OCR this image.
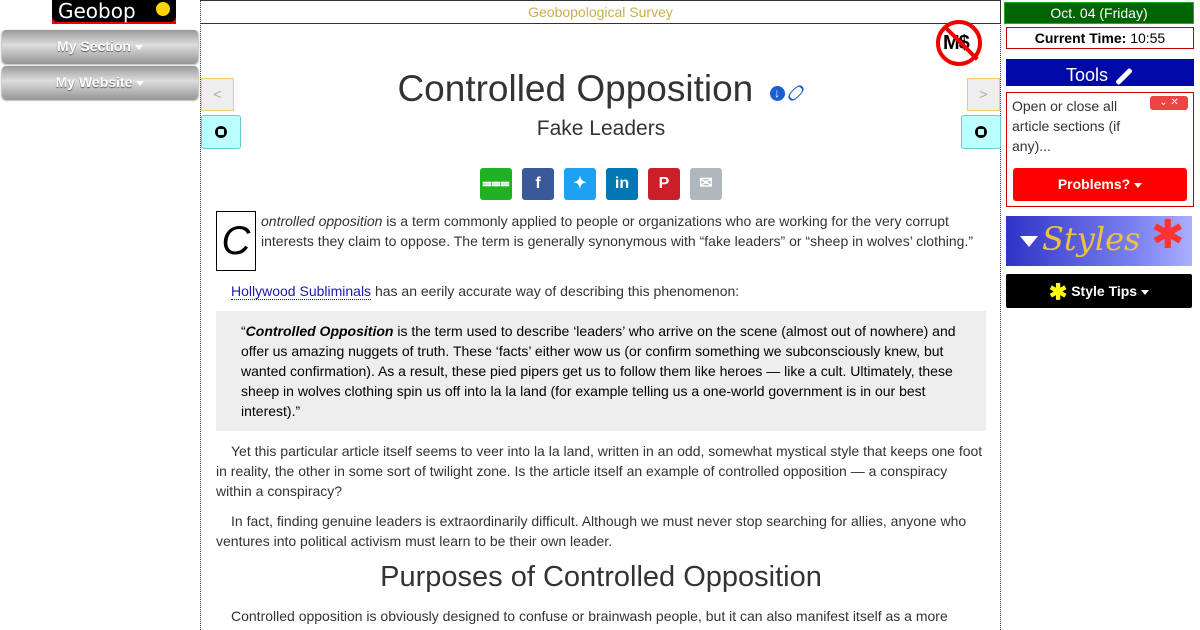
Geobop
My Section
My Website
Geobopological Survey
M$
<	>
Controlled Opposition ↓
Fake Leaders
⩶	f	✦	in	P	✉
C ontrolled opposition is a term commonly applied to people or organizations who are working for the very corrupt interests they claim to oppose. The term is generally synonymous with “fake leaders” or “sheep in wolves’ clothing.”
Hollywood Subliminals has an eerily accurate way of describing this phenomenon:
“Controlled Opposition is the term used to describe ‘leaders’ who arrive on the scene (almost out of nowhere) and offer us amazing nuggets of truth. These ‘facts’ either wow us (or confirm something we subconsciously knew, but wanted confirmation). As a result, these pied pipers get us to follow them like heroes — like a cult. Ultimately, these sheep in wolves clothing spin us off into la la land (for example telling us a one-world government is in our best interest).”
Yet this particular article itself seems to veer into la la land, written in an odd, somewhat mystical style that keeps one foot in reality, the other in some sort of twilight zone. Is the article itself an example of controlled opposition — a conspiracy within a conspiracy?
In fact, finding genuine leaders is extraordinarily difficult. Although we must never stop searching for allies, anyone who ventures into political activism must learn to be their own leader.
Purposes of Controlled Opposition
Controlled opposition is obviously designed to confuse or brainwash people, but it can also manifest itself as a more
Oct. 04 (Friday)
Current Time: 10:55
Tools
Open or close all article sections (if any)...
⌄ ✕
Problems?
Styles ✱
✱ Style Tips
